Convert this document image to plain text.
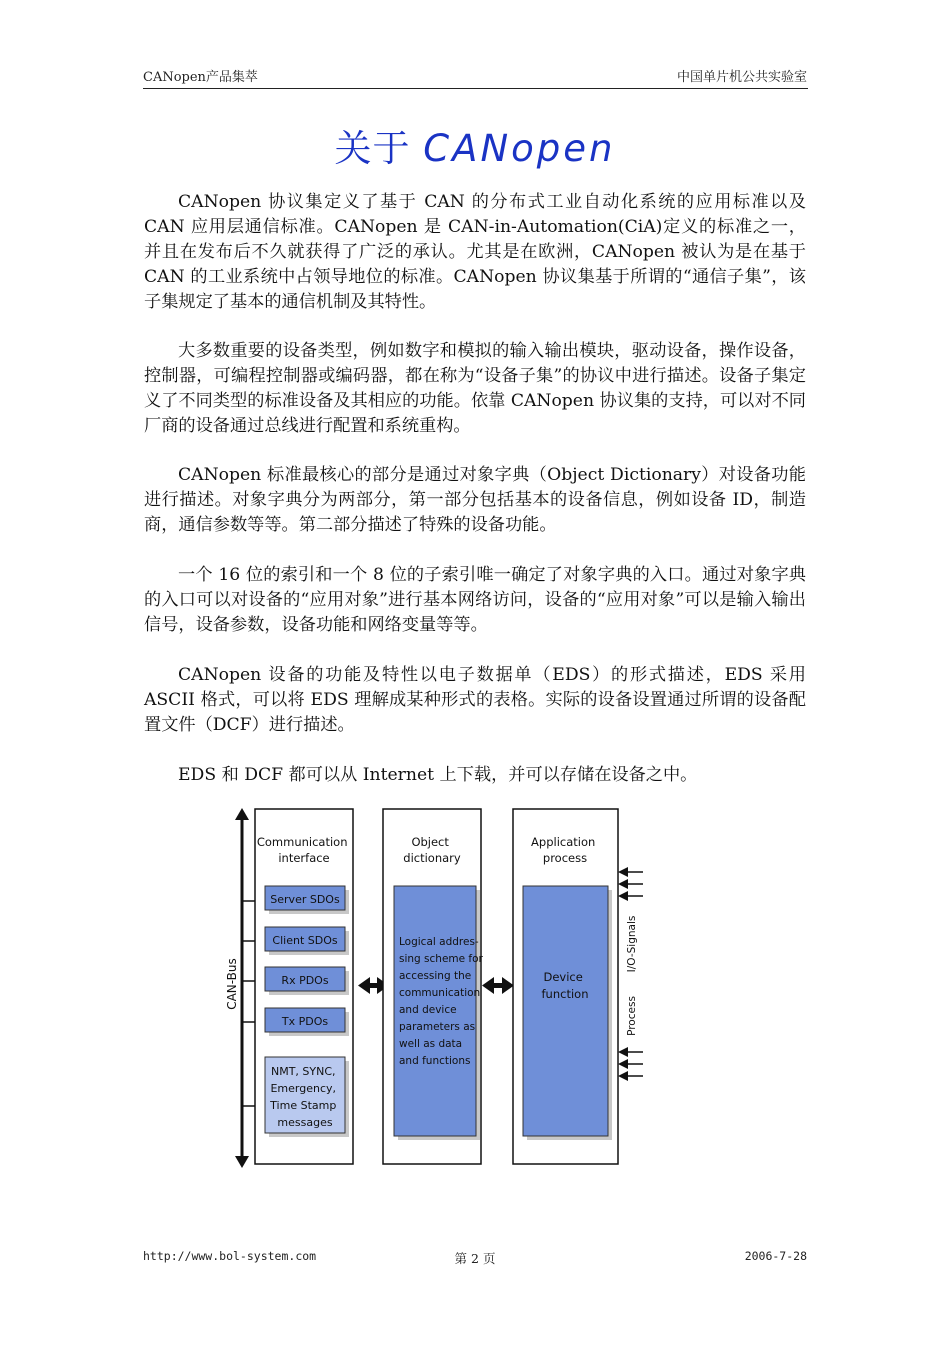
CANopen产品集萃	中国单片机公共实验室
关于 CANopen

CANopen 协议集定义了基于 CAN 的分布式工业自动化系统的应用标准以及 CAN 应用层通信标准。CANopen 是 CAN-in-Automation(CiA)定义的标准之一，并且在发布后不久就获得了广泛的承认。尤其是在欧洲，CANopen 被认为是在基于 CAN 的工业系统中占领导地位的标准。CANopen 协议集基于所谓的“通信子集”，该子集规定了基本的通信机制及其特性。

大多数重要的设备类型，例如数字和模拟的输入输出模块，驱动设备，操作设备，控制器，可编程控制器或编码器，都在称为“设备子集”的协议中进行描述。设备子集定义了不同类型的标准设备及其相应的功能。依靠 CANopen 协议集的支持，可以对不同厂商的设备通过总线进行配置和系统重构。

CANopen 标准最核心的部分是通过对象字典（Object Dictionary）对设备功能进行描述。对象字典分为两部分，第一部分包括基本的设备信息，例如设备 ID，制造商，通信参数等等。第二部分描述了特殊的设备功能。

一个 16 位的索引和一个 8 位的子索引唯一确定了对象字典的入口。通过对象字典的入口可以对设备的“应用对象”进行基本网络访问，设备的“应用对象”可以是输入输出信号，设备参数，设备功能和网络变量等等。

CANopen 设备的功能及特性以电子数据单（EDS）的形式描述，EDS 采用 ASCII 格式，可以将 EDS 理解成某种形式的表格。实际的设备设置通过所谓的设备配置文件（DCF）进行描述。

EDS 和 DCF 都可以从 Internet 上下载，并可以存储在设备之中。

CAN-Bus
Communication interface
Server SDOs
Client SDOs
Rx PDOs
Tx PDOs
NMT, SYNC, Emergency, Time Stamp messages
Object dictionary
Logical addres- sing scheme for accessing the communication and device parameters as well as data and functions
Application process
Device function
I/O-Signals
Process
http://www.bol-system.com	第 2 页	2006-7-28
